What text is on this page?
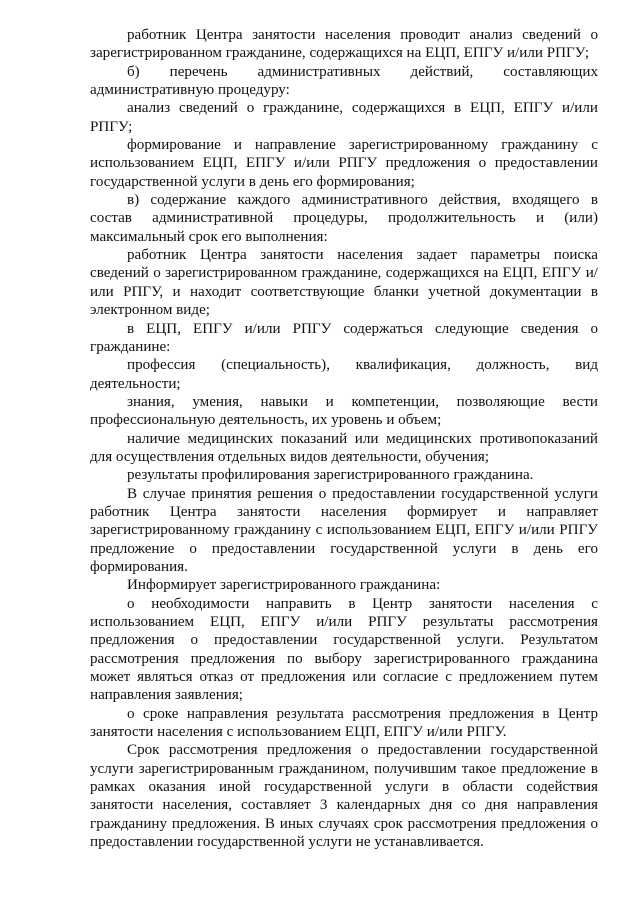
работник Центра занятости населения проводит анализ сведений о зарегистрированном гражданине, содержащихся на ЕЦП, ЕПГУ и/или РПГУ;

б) перечень административных действий, составляющих административную процедуру:

анализ сведений о гражданине, содержащихся в ЕЦП, ЕПГУ и/или РПГУ;

формирование и направление зарегистрированному гражданину с использованием ЕЦП, ЕПГУ и/или РПГУ предложения о предоставлении государственной услуги в день его формирования;

в) содержание каждого административного действия, входящего в состав административной процедуры, продолжительность и (или) максимальный срок его выполнения:

работник Центра занятости населения задает параметры поиска сведений о зарегистрированном гражданине, содержащихся на ЕЦП, ЕПГУ и/или РПГУ, и находит соответствующие бланки учетной документации в электронном виде;

в ЕЦП, ЕПГУ и/или РПГУ содержаться следующие сведения о гражданине:

профессия (специальность), квалификация, должность, вид деятельности;

знания, умения, навыки и компетенции, позволяющие вести профессиональную деятельность, их уровень и объем;

наличие медицинских показаний или медицинских противопоказаний для осуществления отдельных видов деятельности, обучения;

результаты профилирования зарегистрированного гражданина.

В случае принятия решения о предоставлении государственной услуги работник Центра занятости населения формирует и направляет зарегистрированному гражданину с использованием ЕЦП, ЕПГУ и/или РПГУ предложение о предоставлении государственной услуги в день его формирования.

Информирует зарегистрированного гражданина:

о необходимости направить в Центр занятости населения с использованием ЕЦП, ЕПГУ и/или РПГУ результаты рассмотрения предложения о предоставлении государственной услуги. Результатом рассмотрения предложения по выбору зарегистрированного гражданина может являться отказ от предложения или согласие с предложением путем направления заявления;

о сроке направления результата рассмотрения предложения в Центр занятости населения с использованием ЕЦП, ЕПГУ и/или РПГУ.

Срок рассмотрения предложения о предоставлении государственной услуги зарегистрированным гражданином, получившим такое предложение в рамках оказания иной государственной услуги в области содействия занятости населения, составляет 3 календарных дня со дня направления гражданину предложения. В иных случаях срок рассмотрения предложения о предоставлении государственной услуги не устанавливается.
